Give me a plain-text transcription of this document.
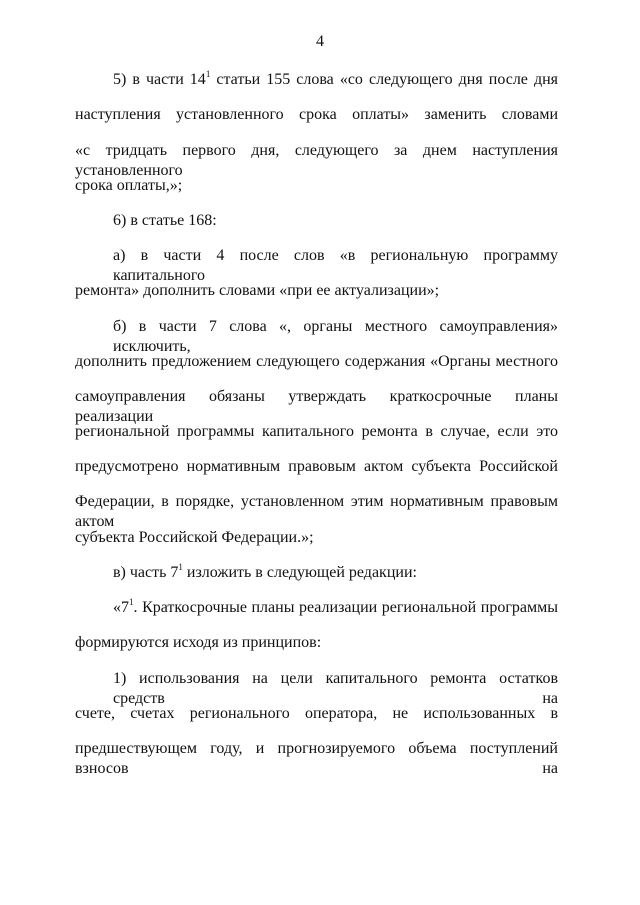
4
5) в части $14^1$ статьи 155 слова «со следующего дня после дня
наступления установленного срока оплаты» заменить словами
«с тридцать первого дня, следующего за днем наступления установленного
срока оплаты,»;
6) в статье 168:
а) в части 4 после слов «в региональную программу капитального
ремонта» дополнить словами «при ее актуализации»;
б) в части 7 слова «, органы местного самоуправления» исключить,
дополнить предложением следующего содержания «Органы местного
самоуправления обязаны утверждать краткосрочные планы реализации
региональной программы капитального ремонта в случае, если это
предусмотрено нормативным правовым актом субъекта Российской
Федерации, в порядке, установленном этим нормативным правовым актом
субъекта Российской Федерации.»;
в) часть $7^1$ изложить в следующей редакции:
«$7^1$. Краткосрочные планы реализации региональной программы
формируются исходя из принципов:
1) использования на цели капитального ремонта остатков средств на
счете, счетах регионального оператора, не использованных в
предшествующем году, и прогнозируемого объема поступлений взносов на
